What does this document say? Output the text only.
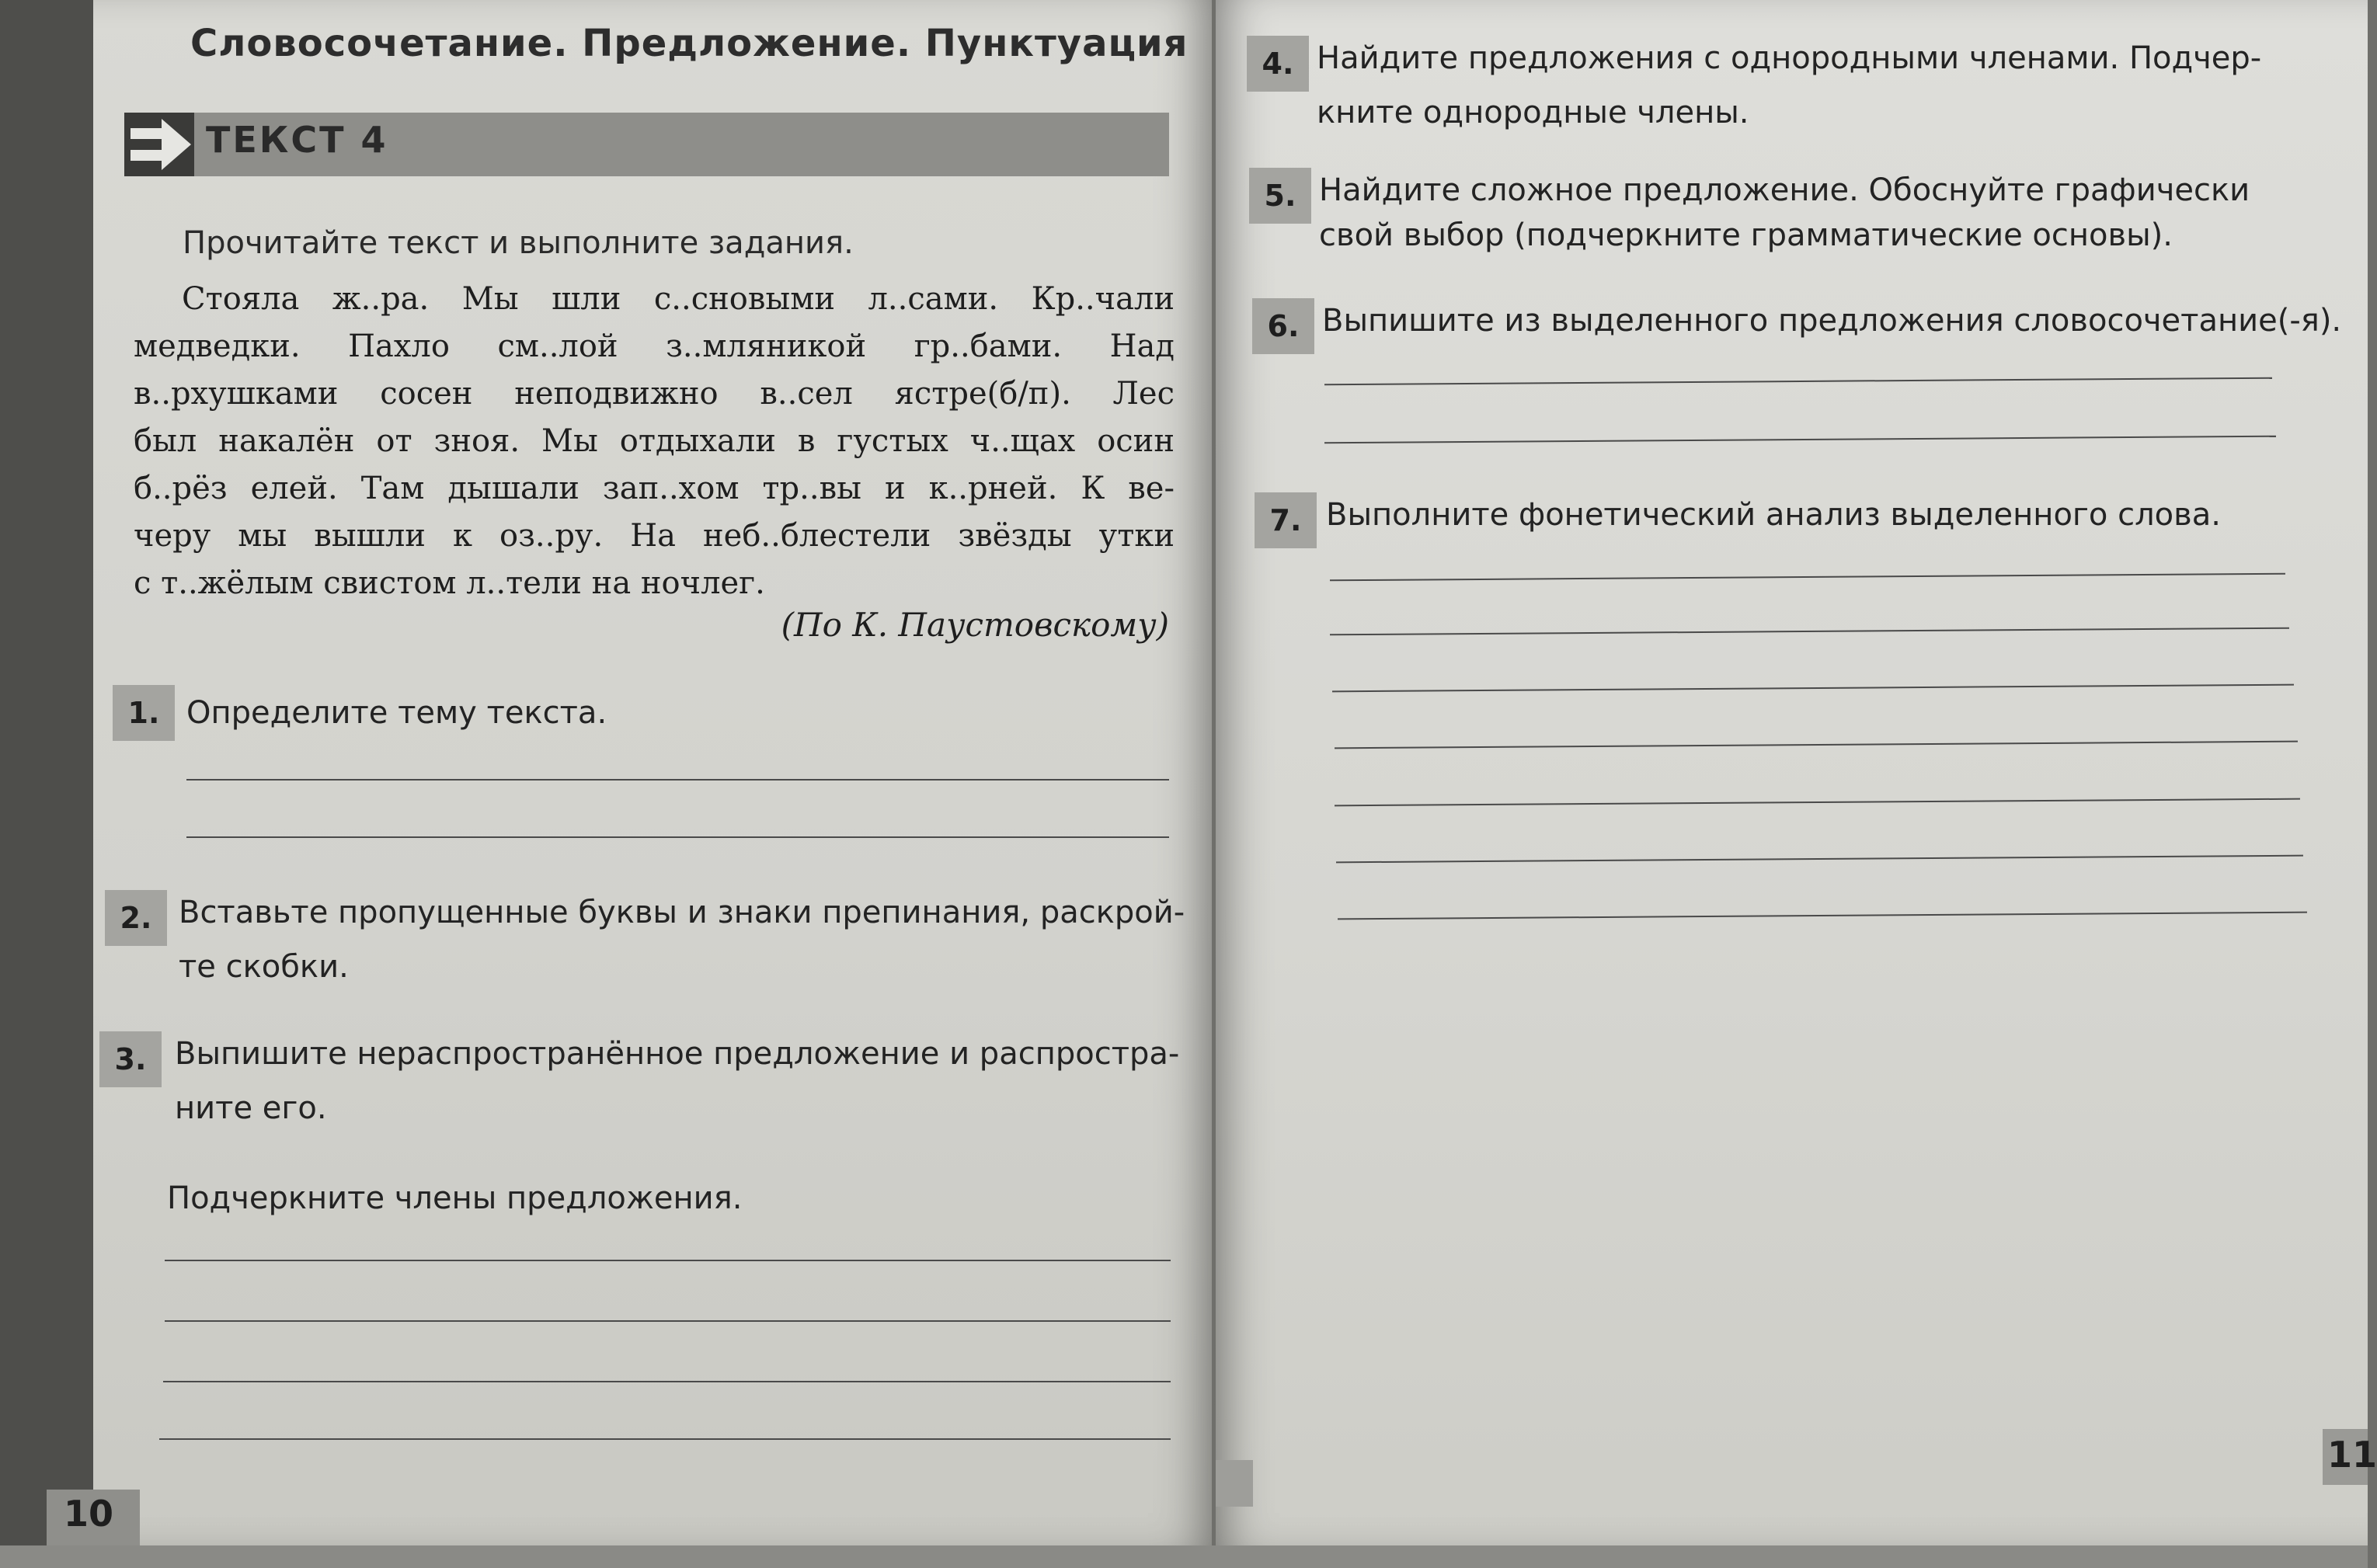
Словосочетание. Предложение. Пунктуация
ТЕКСТ 4
Прочитайте текст и выполните задания.
Стояла ж..ра. Мы шли с..сновыми л..сами. Кр..чали
медведки. Пахло см..лой з..мляникой гр..бами. Над
в..рхушками сосен неподвижно в..сел ястре(б/п). Лес
был накалён от зноя. Мы отдыхали в густых ч..щах осин
б..рёз елей. Там дышали зап..хом тр..вы и к..рней. К ве-
черу мы вышли к оз..ру. На неб..блестели звёзды утки
с т..жёлым свистом л..тели на ночлег.
(По К. Паустовскому)
1. Определите тему текста.
2. Вставьте пропущенные буквы и знаки препинания, раскрой-
те скобки.
3. Выпишите нераспространённое предложение и распростра-
ните его.
Подчеркните члены предложения.
10
4. Найдите предложения с однородными членами. Подчер-
кните однородные члены.
5. Найдите сложное предложение. Обоснуйте графически
свой выбор (подчеркните грамматические основы).
6. Выпишите из выделенного предложения словосочетание(-я).
7. Выполните фонетический анализ выделенного слова.
11
